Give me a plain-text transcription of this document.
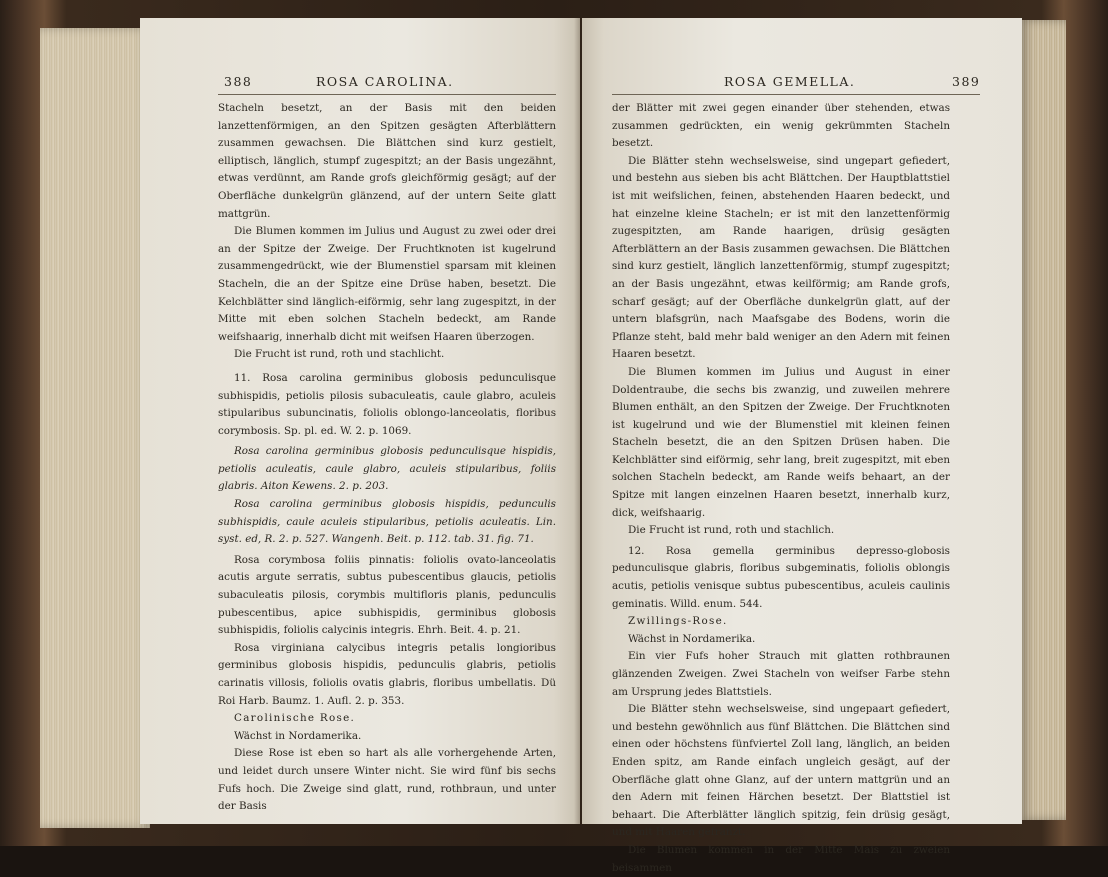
388	ROSA CAROLINA.

Stacheln besetzt, an der Basis mit den beiden lanzettenförmigen, an den Spitzen gesägten Afterblättern zusammen gewachsen. Die Blättchen sind kurz gestielt, elliptisch, länglich, stumpf zugespitzt; an der Basis ungezähnt, etwas verdünnt, am Rande grofs gleichförmig gesägt; auf der Oberfläche dunkelgrün glänzend, auf der untern Seite glatt mattgrün.

Die Blumen kommen im Julius und August zu zwei oder drei an der Spitze der Zweige. Der Fruchtknoten ist kugelrund zusammengedrückt, wie der Blumenstiel sparsam mit kleinen Stacheln, die an der Spitze eine Drüse haben, besetzt. Die Kelchblätter sind länglich-eiförmig, sehr lang zugespitzt, in der Mitte mit eben solchen Stacheln bedeckt, am Rande weifshaarig, innerhalb dicht mit weifsen Haaren überzogen.

Die Frucht ist rund, roth und stachlicht.

11. Rosa carolina germinibus globosis pedunculisque subhispidis, petiolis pilosis subaculeatis, caule glabro, aculeis stipularibus subuncinatis, foliolis oblongo-lanceolatis, floribus corymbosis. Sp. pl. ed. W. 2. p. 1069.

Rosa carolina germinibus globosis pedunculisque hispidis, petiolis aculeatis, caule glabro, aculeis stipularibus, foliis glabris. Aiton Kewens. 2. p. 203.

Rosa carolina germinibus globosis hispidis, pedunculis subhispidis, caule aculeis stipularibus, petiolis aculeatis. Lin. syst. ed, R. 2. p. 527. Wangenh. Beit. p. 112. tab. 31. fig. 71.

Rosa corymbosa foliis pinnatis: foliolis ovato-lanceolatis acutis argute serratis, subtus pubescentibus glaucis, petiolis subaculeatis pilosis, corymbis multifloris planis, pedunculis pubescentibus, apice subhispidis, germinibus globosis subhispidis, foliolis calycinis integris. Ehrh. Beit. 4. p. 21.

Rosa virginiana calycibus integris petalis longioribus germinibus globosis hispidis, pedunculis glabris, petiolis carinatis villosis, foliolis ovatis glabris, floribus umbellatis. Dü Roi Harb. Baumz. 1. Aufl. 2. p. 353.

Carolinische Rose.

Wächst in Nordamerika.

Diese Rose ist eben so hart als alle vorhergehende Arten, und leidet durch unsere Winter nicht. Sie wird fünf bis sechs Fufs hoch. Die Zweige sind glatt, rund, rothbraun, und unter der Basis

ROSA GEMELLA.	389

der Blätter mit zwei gegen einander über stehenden, etwas zusammen gedrückten, ein wenig gekrümmten Stacheln besetzt.

Die Blätter stehn wechselsweise, sind ungepart gefiedert, und bestehn aus sieben bis acht Blättchen. Der Hauptblattstiel ist mit weifslichen, feinen, abstehenden Haaren bedeckt, und hat einzelne kleine Stacheln; er ist mit den lanzettenförmig zugespitzten, am Rande haarigen, drüsig gesägten Afterblättern an der Basis zusammen gewachsen. Die Blättchen sind kurz gestielt, länglich lanzettenförmig, stumpf zugespitzt; an der Basis ungezähnt, etwas keilförmig; am Rande grofs, scharf gesägt; auf der Oberfläche dunkelgrün glatt, auf der untern blafsgrün, nach Maafsgabe des Bodens, worin die Pflanze steht, bald mehr bald weniger an den Adern mit feinen Haaren besetzt.

Die Blumen kommen im Julius und August in einer Doldentraube, die sechs bis zwanzig, und zuweilen mehrere Blumen enthält, an den Spitzen der Zweige. Der Fruchtknoten ist kugelrund und wie der Blumenstiel mit kleinen feinen Stacheln besetzt, die an den Spitzen Drüsen haben. Die Kelchblätter sind eiförmig, sehr lang, breit zugespitzt, mit eben solchen Stacheln bedeckt, am Rande weifs behaart, an der Spitze mit langen einzelnen Haaren besetzt, innerhalb kurz, dick, weifshaarig.

Die Frucht ist rund, roth und stachlich.

12. Rosa gemella germinibus depresso-globosis pedunculisque glabris, floribus subgeminatis, foliolis oblongis acutis, petiolis venisque subtus pubescentibus, aculeis caulinis geminatis. Willd. enum. 544.

Zwillings-Rose.

Wächst in Nordamerika.

Ein vier Fufs hoher Strauch mit glatten rothbraunen glänzenden Zweigen. Zwei Stacheln von weifser Farbe stehn am Ursprung jedes Blattstiels.

Die Blätter stehn wechselsweise, sind ungepaart gefiedert, und bestehn gewöhnlich aus fünf Blättchen. Die Blättchen sind einen oder höchstens fünfviertel Zoll lang, länglich, an beiden Enden spitz, am Rande einfach ungleich gesägt, auf der Oberfläche glatt ohne Glanz, auf der untern mattgrün und an den Adern mit feinen Härchen besetzt. Der Blattstiel ist behaart. Die Afterblätter länglich spitzig, fein drüsig gesägt, und mit Haaren gefranzt.

Die Blumen kommen in der Mitte Mais zu zweien beisammen
